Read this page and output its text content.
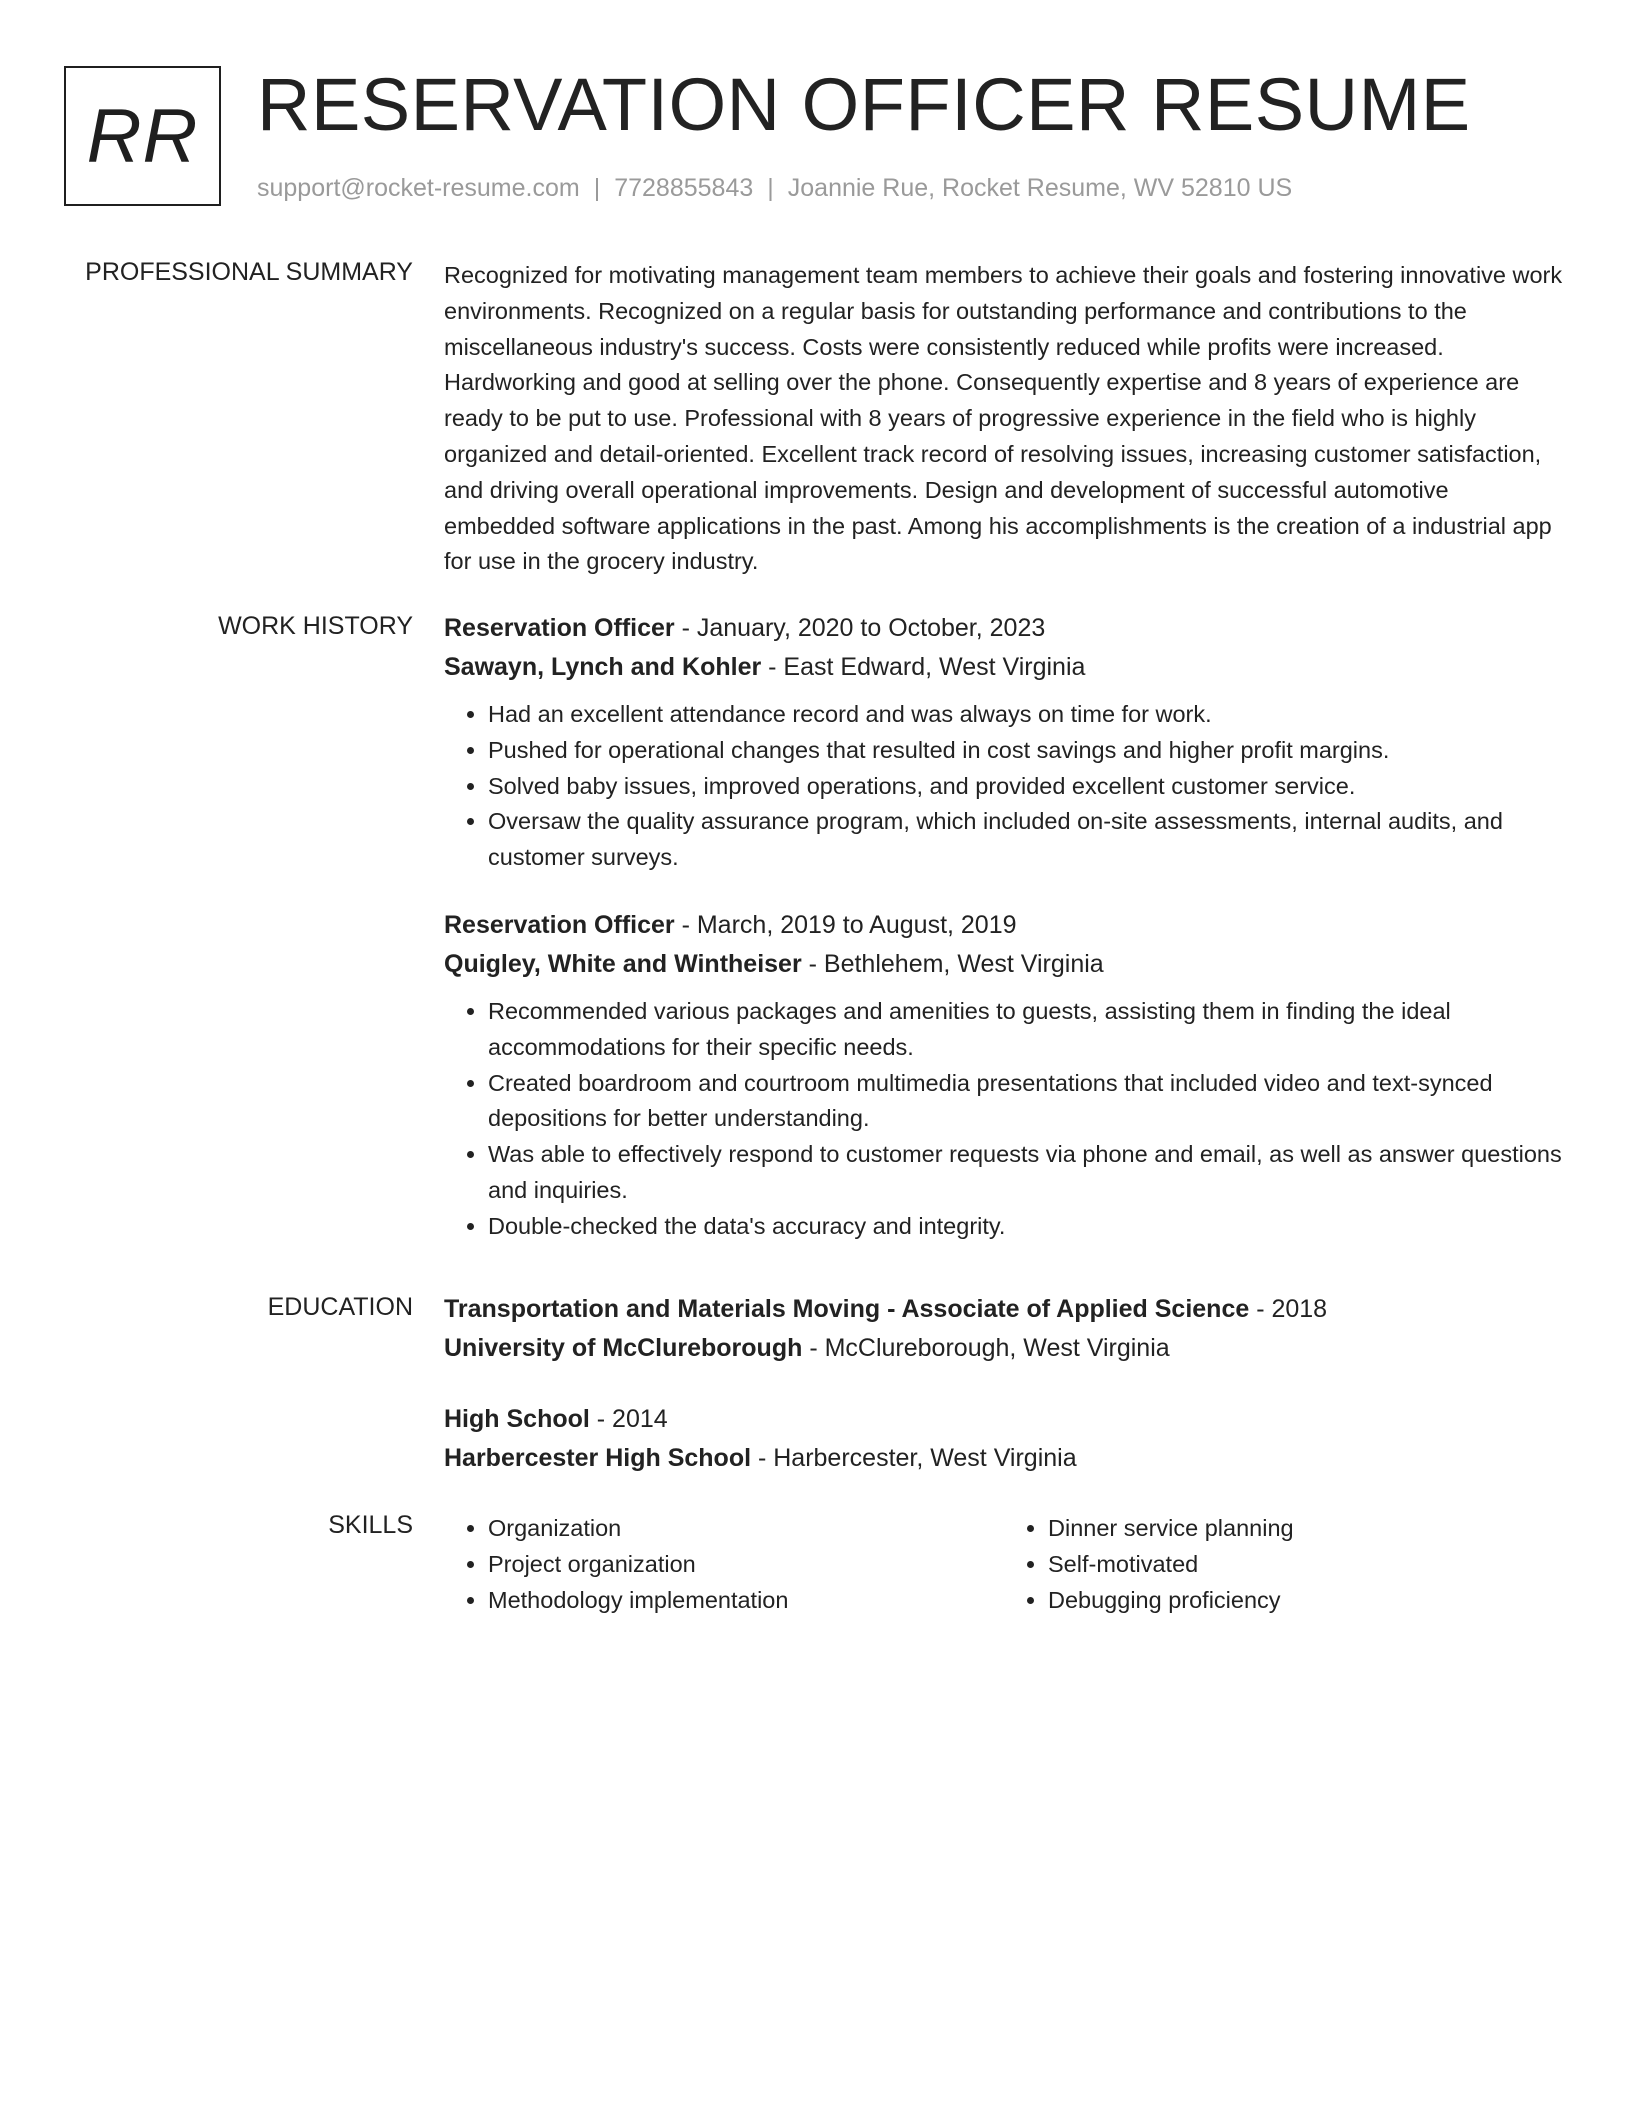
RR RESERVATION OFFICER RESUME
support@rocket-resume.com | 7728855843 | Joannie Rue, Rocket Resume, WV 52810 US
PROFESSIONAL SUMMARY Recognized for motivating management team members to achieve their goals and fostering innovative work environments. Recognized on a regular basis for outstanding performance and contributions to the miscellaneous industry's success. Costs were consistently reduced while profits were increased. Hardworking and good at selling over the phone. Consequently expertise and 8 years of experience are ready to be put to use. Professional with 8 years of progressive experience in the field who is highly organized and detail-oriented. Excellent track record of resolving issues, increasing customer satisfaction, and driving overall operational improvements. Design and development of successful automotive embedded software applications in the past. Among his accomplishments is the creation of a industrial app for use in the grocery industry.

WORK HISTORY Reservation Officer - January, 2020 to October, 2023
Sawayn, Lynch and Kohler - East Edward, West Virginia
• Had an excellent attendance record and was always on time for work.
• Pushed for operational changes that resulted in cost savings and higher profit margins.
• Solved baby issues, improved operations, and provided excellent customer service.
• Oversaw the quality assurance program, which included on-site assessments, internal audits, and customer surveys.
Reservation Officer - March, 2019 to August, 2019
Quigley, White and Wintheiser - Bethlehem, West Virginia
• Recommended various packages and amenities to guests, assisting them in finding the ideal accommodations for their specific needs.
• Created boardroom and courtroom multimedia presentations that included video and text-synced depositions for better understanding.
• Was able to effectively respond to customer requests via phone and email, as well as answer questions and inquiries.
• Double-checked the data's accuracy and integrity.
EDUCATION Transportation and Materials Moving - Associate of Applied Science - 2018
University of McClureborough - McClureborough, West Virginia
High School - 2014
Harbercester High School - Harbercester, West Virginia
SKILLS
•	Organization
• Project organization
• Methodology implementation
• Dinner service planning
• Self-motivated
• Debugging proficiency
